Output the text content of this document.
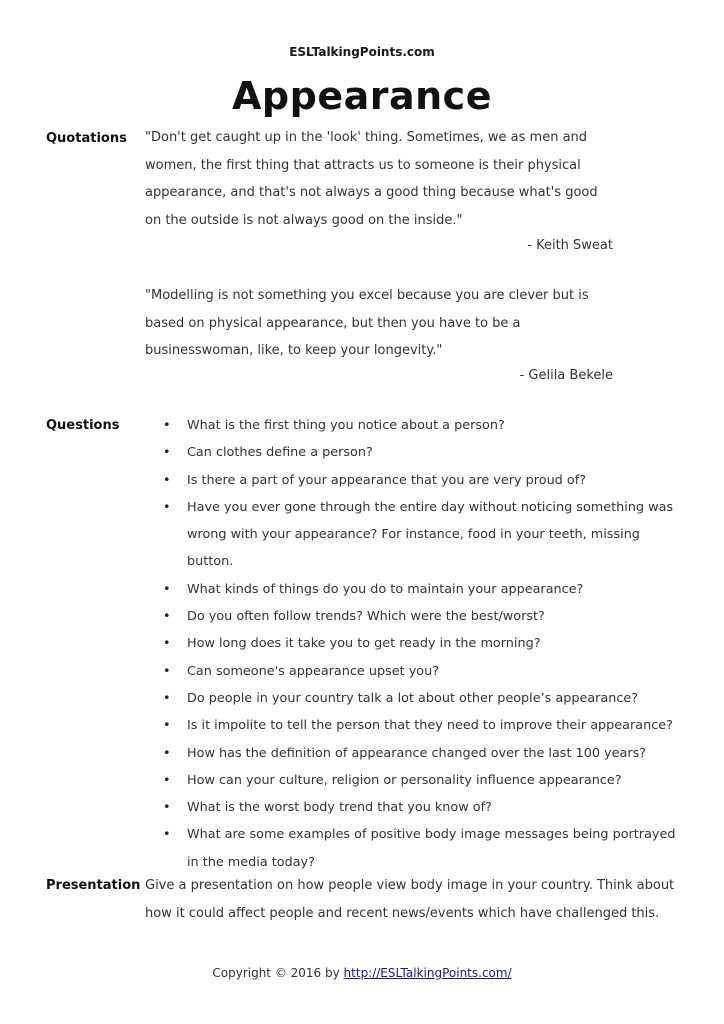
ESLTalkingPoints.com
Appearance
Quotations "Don't get caught up in the 'look' thing. Sometimes, we as men and women, the first thing that attracts us to someone is their physical appearance, and that's not always a good thing because what's good on the outside is not always good on the inside."
- Keith Sweat
"Modelling is not something you excel because you are clever but is based on physical appearance, but then you have to be a businesswoman, like, to keep your longevity."
- Gelila Bekele
Questions
•	What is the first thing you notice about a person?
• Can clothes define a person?
• Is there a part of your appearance that you are very proud of?
• Have you ever gone through the entire day without noticing something was wrong with your appearance? For instance, food in your teeth, missing button.
• What kinds of things do you do to maintain your appearance?
• Do you often follow trends? Which were the best/worst?
• How long does it take you to get ready in the morning?
• Can someone's appearance upset you?
• Do people in your country talk a lot about other people’s appearance?
• Is it impolite to tell the person that they need to improve their appearance?
• How has the definition of appearance changed over the last 100 years?
• How can your culture, religion or personality influence appearance?
• What is the worst body trend that you know of?
• What are some examples of positive body image messages being portrayed in the media today?
Presentation Give a presentation on how people view body image in your country. Think about how it could affect people and recent news/events which have challenged this.
Copyright © 2016 by http://ESLTalkingPoints.com/
